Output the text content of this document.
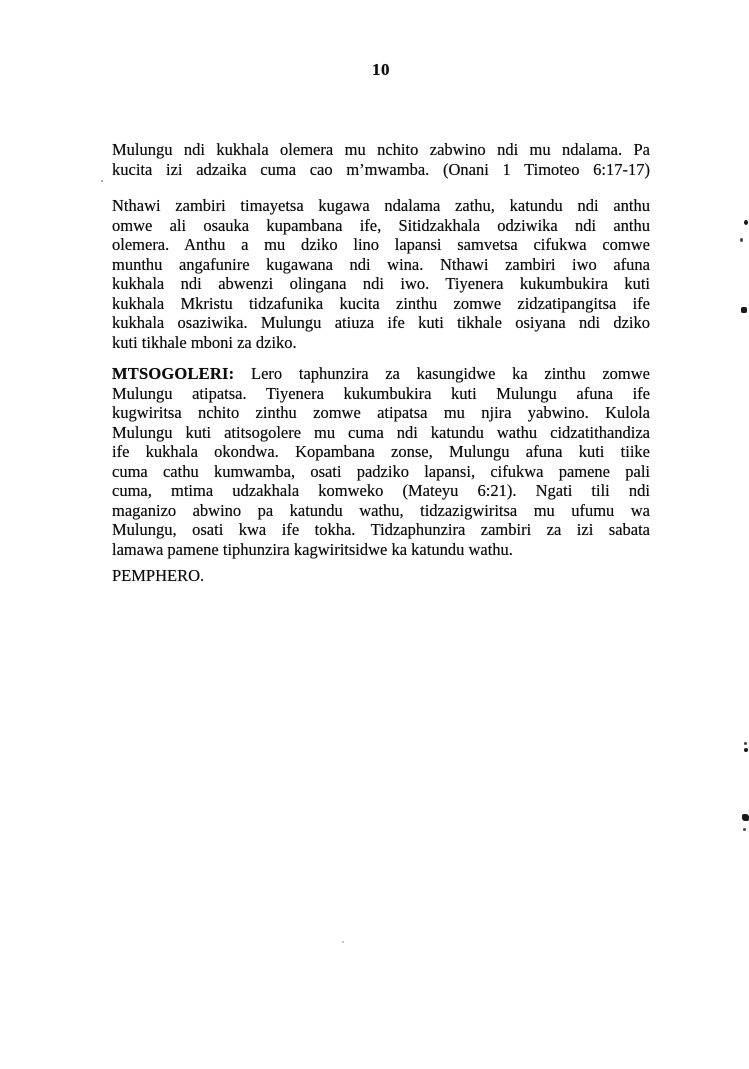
10
Mulungu ndi kukhala olemera mu nchito zabwino ndi mu ndalama. Pa
kucita izi adzaika cuma cao m’mwamba. (Onani 1 Timoteo 6:17-17)
Nthawi zambiri timayetsa kugawa ndalama zathu, katundu ndi anthu
omwe ali osauka kupambana ife, Sitidzakhala odziwika ndi anthu
olemera. Anthu a mu dziko lino lapansi samvetsa cifukwa comwe
munthu angafunire kugawana ndi wina. Nthawi zambiri iwo afuna
kukhala ndi abwenzi olingana ndi iwo. Tiyenera kukumbukira kuti
kukhala Mkristu tidzafunika kucita zinthu zomwe zidzatipangitsa ife
kukhala osaziwika. Mulungu atiuza ife kuti tikhale osiyana ndi dziko
kuti tikhale mboni za dziko.
MTSOGOLERI: Lero taphunzira za kasungidwe ka zinthu zomwe
Mulungu atipatsa. Tiyenera kukumbukira kuti Mulungu afuna ife
kugwiritsa nchito zinthu zomwe atipatsa mu njira yabwino. Kulola
Mulungu kuti atitsogolere mu cuma ndi katundu wathu cidzatithandiza
ife kukhala okondwa. Kopambana zonse, Mulungu afuna kuti tiike
cuma cathu kumwamba, osati padziko lapansi, cifukwa pamene pali
cuma, mtima udzakhala komweko (Mateyu 6:21). Ngati tili ndi
maganizo abwino pa katundu wathu, tidzazigwiritsa mu ufumu wa
Mulungu, osati kwa ife tokha. Tidzaphunzira zambiri za izi sabata
lamawa pamene tiphunzira kagwiritsidwe ka katundu wathu.
PEMPHERO.
